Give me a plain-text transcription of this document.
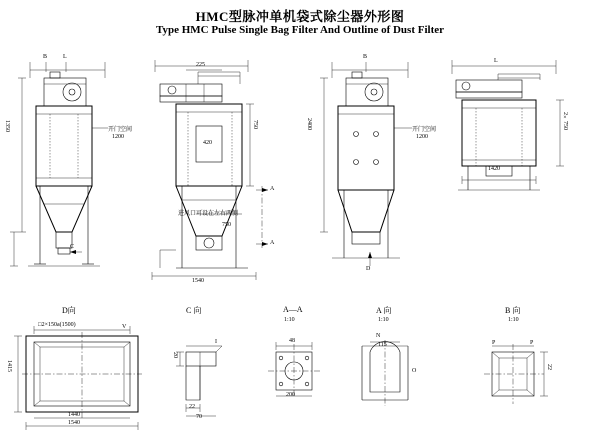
HMC型脉冲单机袋式除尘器外形图
Type HMC Pulse Single Bag Filter And Outline of Dust Filter
B	L
1350	开门空间
1200
C
225
750
420
进风口可设在左右两侧
750
1540
A
A
B
2400	开门空间
1200
D
L
2×750
1420
D向	C 向	A—A	A 向	B 向
1:10	1:10	1:10
□2×150a(1500)	V
1415
1440
1540
I
20
22
70
48
200
N
115
O
P	P
22
